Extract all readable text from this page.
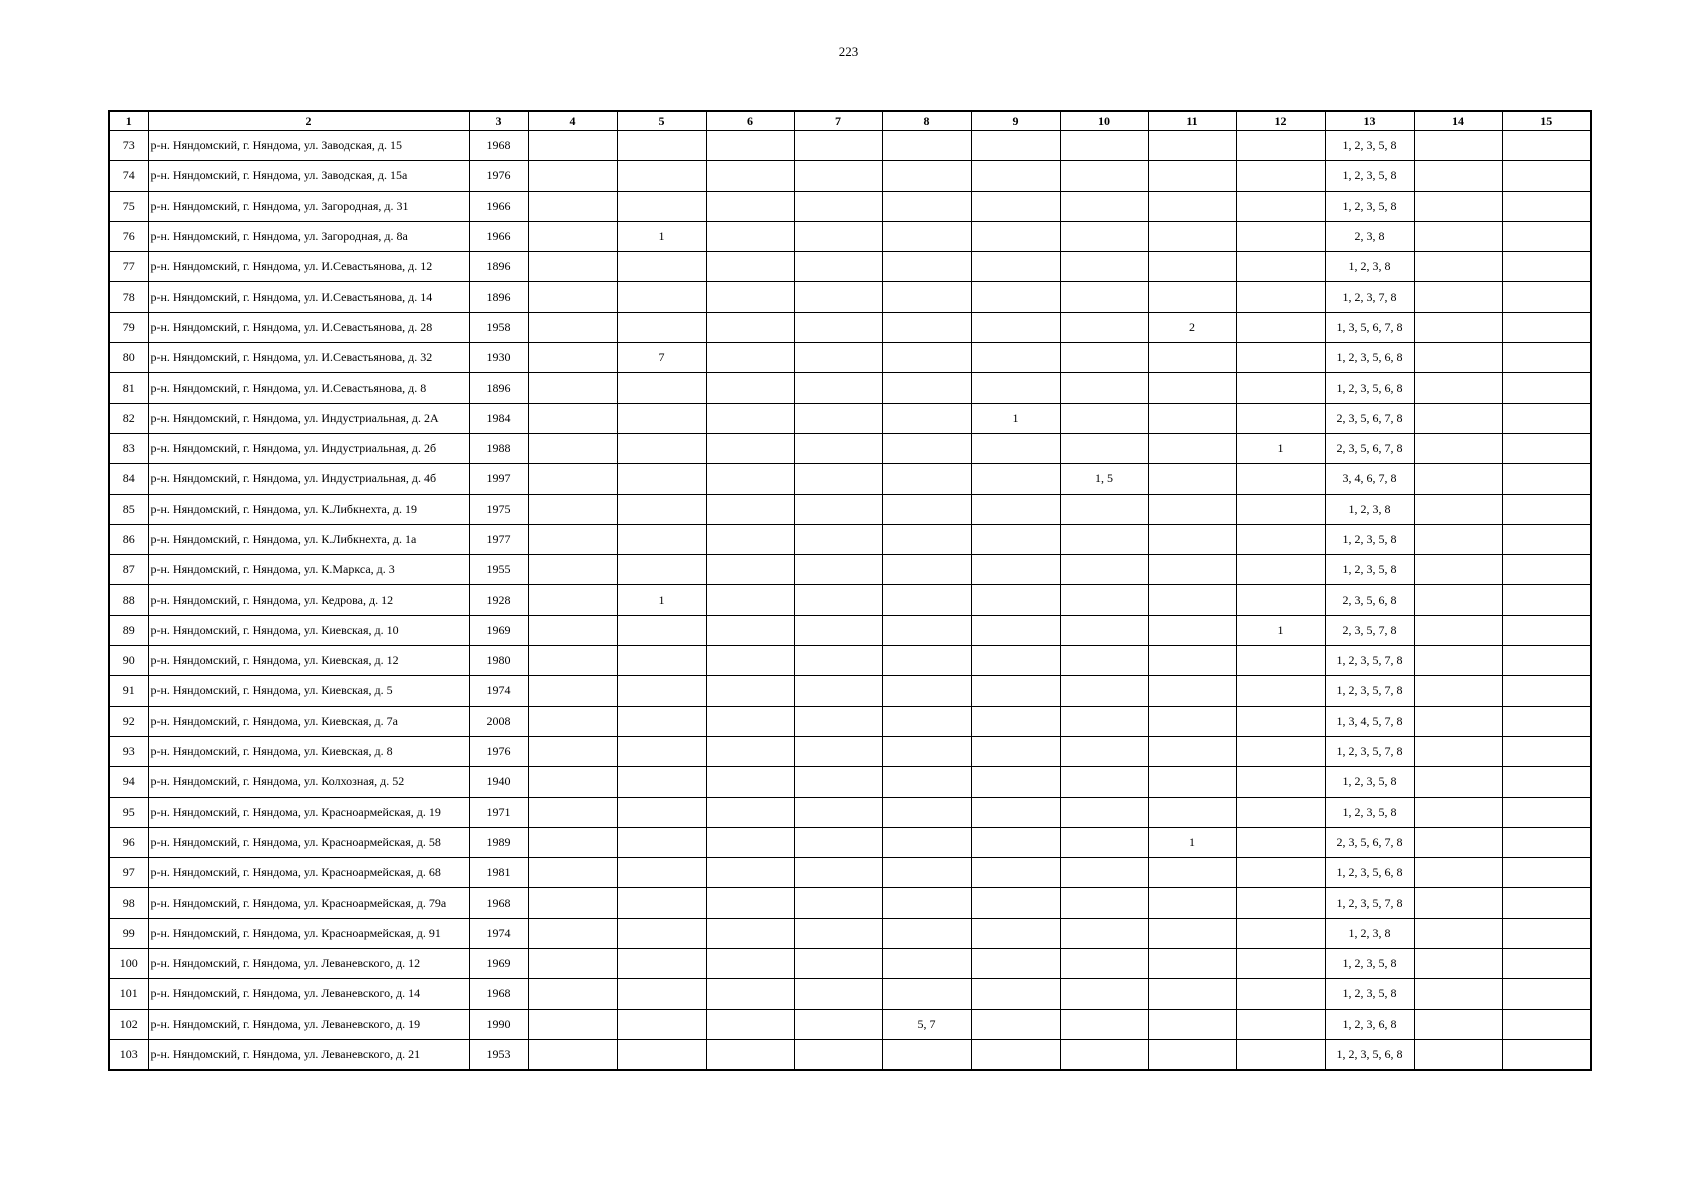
223
1	2	3	4	5	6	7	8	9	10	11	12	13	14	15
73	р-н. Няндомский, г. Няндома, ул. Заводская, д. 15	1968										1, 2, 3, 5, 8		
74	р-н. Няндомский, г. Няндома, ул. Заводская, д. 15а	1976										1, 2, 3, 5, 8		
75	р-н. Няндомский, г. Няндома, ул. Загородная, д. 31	1966										1, 2, 3, 5, 8		
76	р-н. Няндомский, г. Няндома, ул. Загородная, д. 8а	1966		1								2, 3, 8		
77	р-н. Няндомский, г. Няндома, ул. И.Севастьянова, д. 12	1896										1, 2, 3, 8		
78	р-н. Няндомский, г. Няндома, ул. И.Севастьянова, д. 14	1896										1, 2, 3, 7, 8		
79	р-н. Няндомский, г. Няндома, ул. И.Севастьянова, д. 28	1958								2		1, 3, 5, 6, 7, 8		
80	р-н. Няндомский, г. Няндома, ул. И.Севастьянова, д. 32	1930		7								1, 2, 3, 5, 6, 8		
81	р-н. Няндомский, г. Няндома, ул. И.Севастьянова, д. 8	1896										1, 2, 3, 5, 6, 8		
82	р-н. Няндомский, г. Няндома, ул. Индустриальная, д. 2А	1984						1				2, 3, 5, 6, 7, 8		
83	р-н. Няндомский, г. Няндома, ул. Индустриальная, д. 2б	1988									1	2, 3, 5, 6, 7, 8		
84	р-н. Няндомский, г. Няндома, ул. Индустриальная, д. 4б	1997							1, 5			3, 4, 6, 7, 8		
85	р-н. Няндомский, г. Няндома, ул. К.Либкнехта, д. 19	1975										1, 2, 3, 8		
86	р-н. Няндомский, г. Няндома, ул. К.Либкнехта, д. 1а	1977										1, 2, 3, 5, 8		
87	р-н. Няндомский, г. Няндома, ул. К.Маркса, д. 3	1955										1, 2, 3, 5, 8		
88	р-н. Няндомский, г. Няндома, ул. Кедрова, д. 12	1928		1								2, 3, 5, 6, 8		
89	р-н. Няндомский, г. Няндома, ул. Киевская, д. 10	1969									1	2, 3, 5, 7, 8		
90	р-н. Няндомский, г. Няндома, ул. Киевская, д. 12	1980										1, 2, 3, 5, 7, 8		
91	р-н. Няндомский, г. Няндома, ул. Киевская, д. 5	1974										1, 2, 3, 5, 7, 8		
92	р-н. Няндомский, г. Няндома, ул. Киевская, д. 7а	2008										1, 3, 4, 5, 7, 8		
93	р-н. Няндомский, г. Няндома, ул. Киевская, д. 8	1976										1, 2, 3, 5, 7, 8		
94	р-н. Няндомский, г. Няндома, ул. Колхозная, д. 52	1940										1, 2, 3, 5, 8		
95	р-н. Няндомский, г. Няндома, ул. Красноармейская, д. 19	1971										1, 2, 3, 5, 8		
96	р-н. Няндомский, г. Няндома, ул. Красноармейская, д. 58	1989								1		2, 3, 5, 6, 7, 8		
97	р-н. Няндомский, г. Няндома, ул. Красноармейская, д. 68	1981										1, 2, 3, 5, 6, 8		
98	р-н. Няндомский, г. Няндома, ул. Красноармейская, д. 79а	1968										1, 2, 3, 5, 7, 8		
99	р-н. Няндомский, г. Няндома, ул. Красноармейская, д. 91	1974										1, 2, 3, 8		
100	р-н. Няндомский, г. Няндома, ул. Леваневского, д. 12	1969										1, 2, 3, 5, 8		
101	р-н. Няндомский, г. Няндома, ул. Леваневского, д. 14	1968										1, 2, 3, 5, 8		
102	р-н. Няндомский, г. Няндома, ул. Леваневского, д. 19	1990					5, 7					1, 2, 3, 6, 8		
103	р-н. Няндомский, г. Няндома, ул. Леваневского, д. 21	1953										1, 2, 3, 5, 6, 8		
